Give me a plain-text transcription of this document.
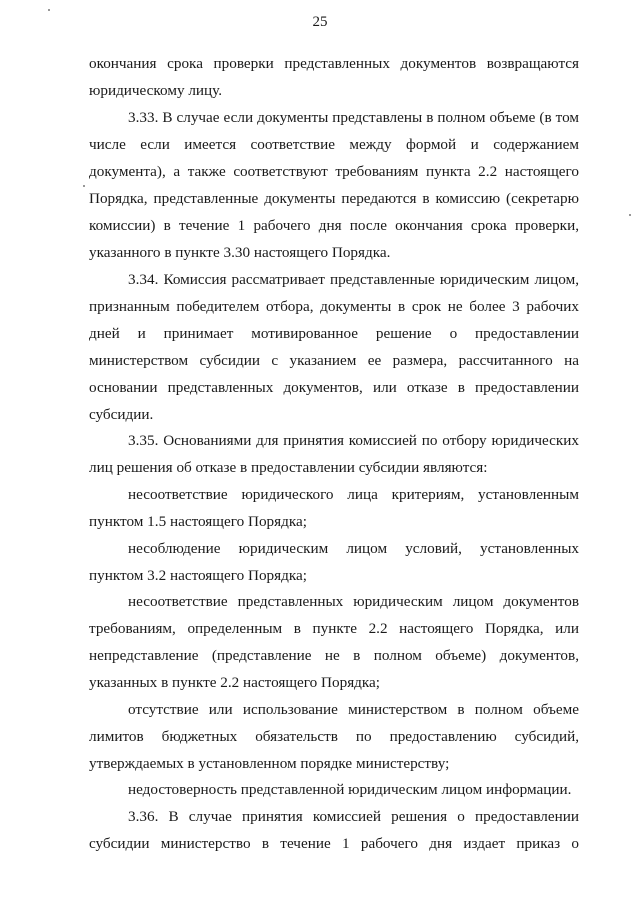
25
окончания срока проверки представленных документов возвращаются
юридическому лицу.
3.33. В случае если документы представлены в полном объеме (в том
числе если имеется соответствие между формой и содержанием
документа), а также соответствуют требованиям пункта 2.2 настоящего
Порядка, представленные документы передаются в комиссию (секретарю
комиссии) в течение 1 рабочего дня после окончания срока проверки,
указанного в пункте 3.30 настоящего Порядка.
3.34. Комиссия рассматривает представленные юридическим лицом,
признанным победителем отбора, документы в срок не более 3 рабочих
дней и принимает мотивированное решение о предоставлении
министерством субсидии с указанием ее размера, рассчитанного на
основании представленных документов, или отказе в предоставлении
субсидии.
3.35. Основаниями для принятия комиссией по отбору юридических
лиц решения об отказе в предоставлении субсидии являются:
несоответствие юридического лица критериям, установленным
пунктом 1.5 настоящего Порядка;
несоблюдение юридическим лицом условий, установленных
пунктом 3.2 настоящего Порядка;
несоответствие представленных юридическим лицом документов
требованиям, определенным в пункте 2.2 настоящего Порядка, или
непредставление (представление не в полном объеме) документов,
указанных в пункте 2.2 настоящего Порядка;
отсутствие или использование министерством в полном объеме
лимитов бюджетных обязательств по предоставлению субсидий,
утверждаемых в установленном порядке министерству;
недостоверность представленной юридическим лицом информации.
3.36. В случае принятия комиссией решения о предоставлении
субсидии министерство в течение 1 рабочего дня издает приказ о
